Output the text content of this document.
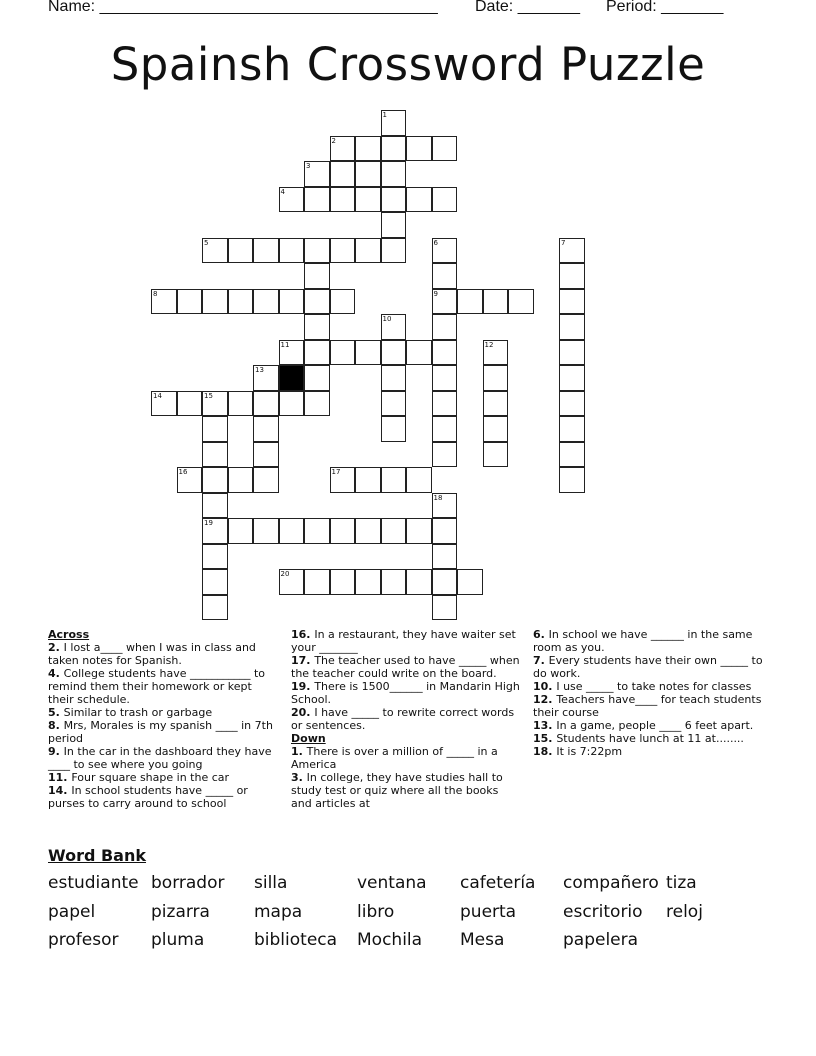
Name: ______________________________________ Date: _______ Period: _______
Spainsh Crossword Puzzle
1
2
3
4
5	6	7
8	9
10
11	12
13
14	15
16	17
18
19
20
Across
2. I lost a____ when I was in class and taken notes for Spanish.
4. College students have ___________ to remind them their homework or kept their schedule.
5. Similar to trash or garbage
8. Mrs, Morales is my spanish ____ in 7th period
9. In the car in the dashboard they have ____ to see where you going
11. Four square shape in the car
14. In school students have _____ or purses to carry around to school
16. In a restaurant, they have waiter set your _______
17. The teacher used to have _____ when the teacher could write on the board.
19. There is 1500______ in Mandarin High School.
20. I have _____ to rewrite correct words or sentences.
Down
1. There is over a million of _____ in a America
3. In college, they have studies hall to study test or quiz where all the books and articles at
6. In school we have ______ in the same room as you.
7. Every students have their own _____ to do work.
10. I use _____ to take notes for classes
12. Teachers have____ for teach students their course
13. In a game, people ____ 6 feet apart.
15. Students have lunch at 11 at........
18. It is 7:22pm
Word Bank
estudiante borrador silla	ventana cafetería compañero tiza
papel	pizarra	mapa	libro	puerta	escritorio reloj
profesor pluma	biblioteca Mochila Mesa	papelera
